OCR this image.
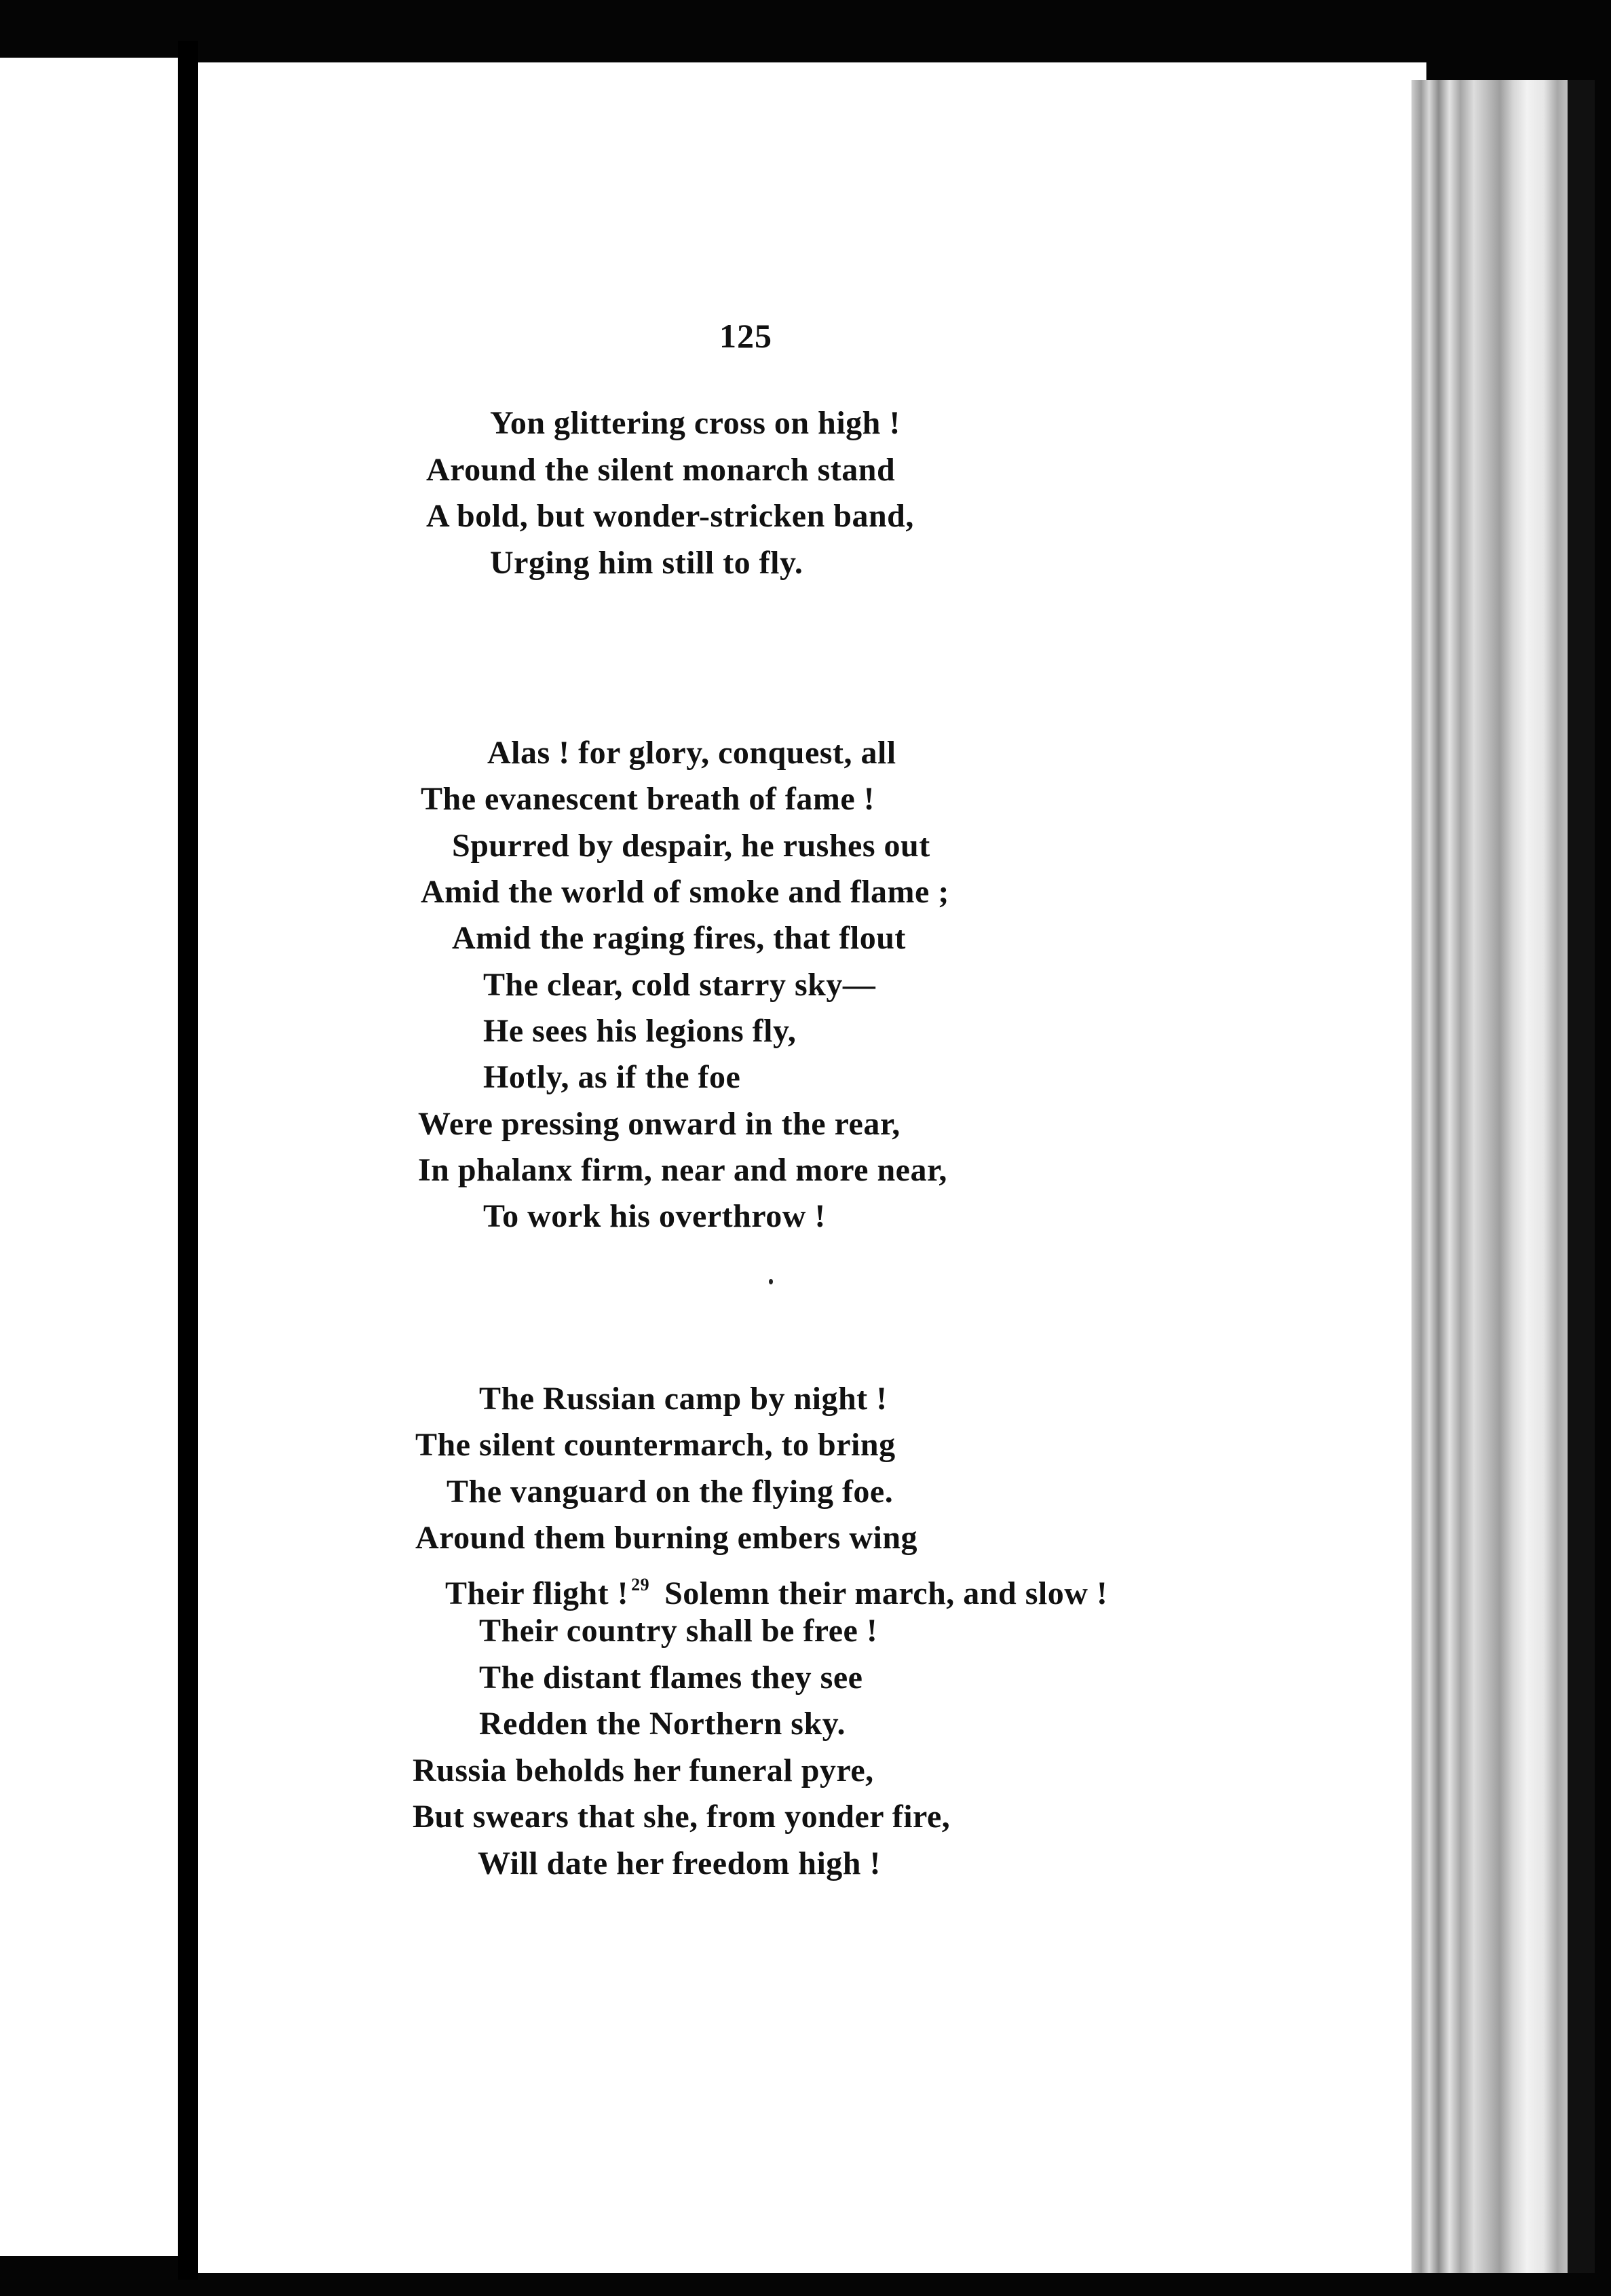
125
Yon glittering cross on high !
Around the silent monarch stand
A bold, but wonder-stricken band,
Urging him still to fly.
Alas ! for glory, conquest, all
The evanescent breath of fame !
Spurred by despair, he rushes out
Amid the world of smoke and flame ;
Amid the raging fires, that flout
The clear, cold starry sky—
He sees his legions fly,
Hotly, as if the foe
Were pressing onward in the rear,
In phalanx firm, near and more near,
To work his overthrow !
The Russian camp by night !
The silent countermarch, to bring
The vanguard on the flying foe.
Around them burning embers wing
Their flight ! $^{29}$ Solemn their march, and slow !
Their country shall be free !
The distant flames they see
Redden the Northern sky.
Russia beholds her funeral pyre,
But swears that she, from yonder fire,
Will date her freedom high !
